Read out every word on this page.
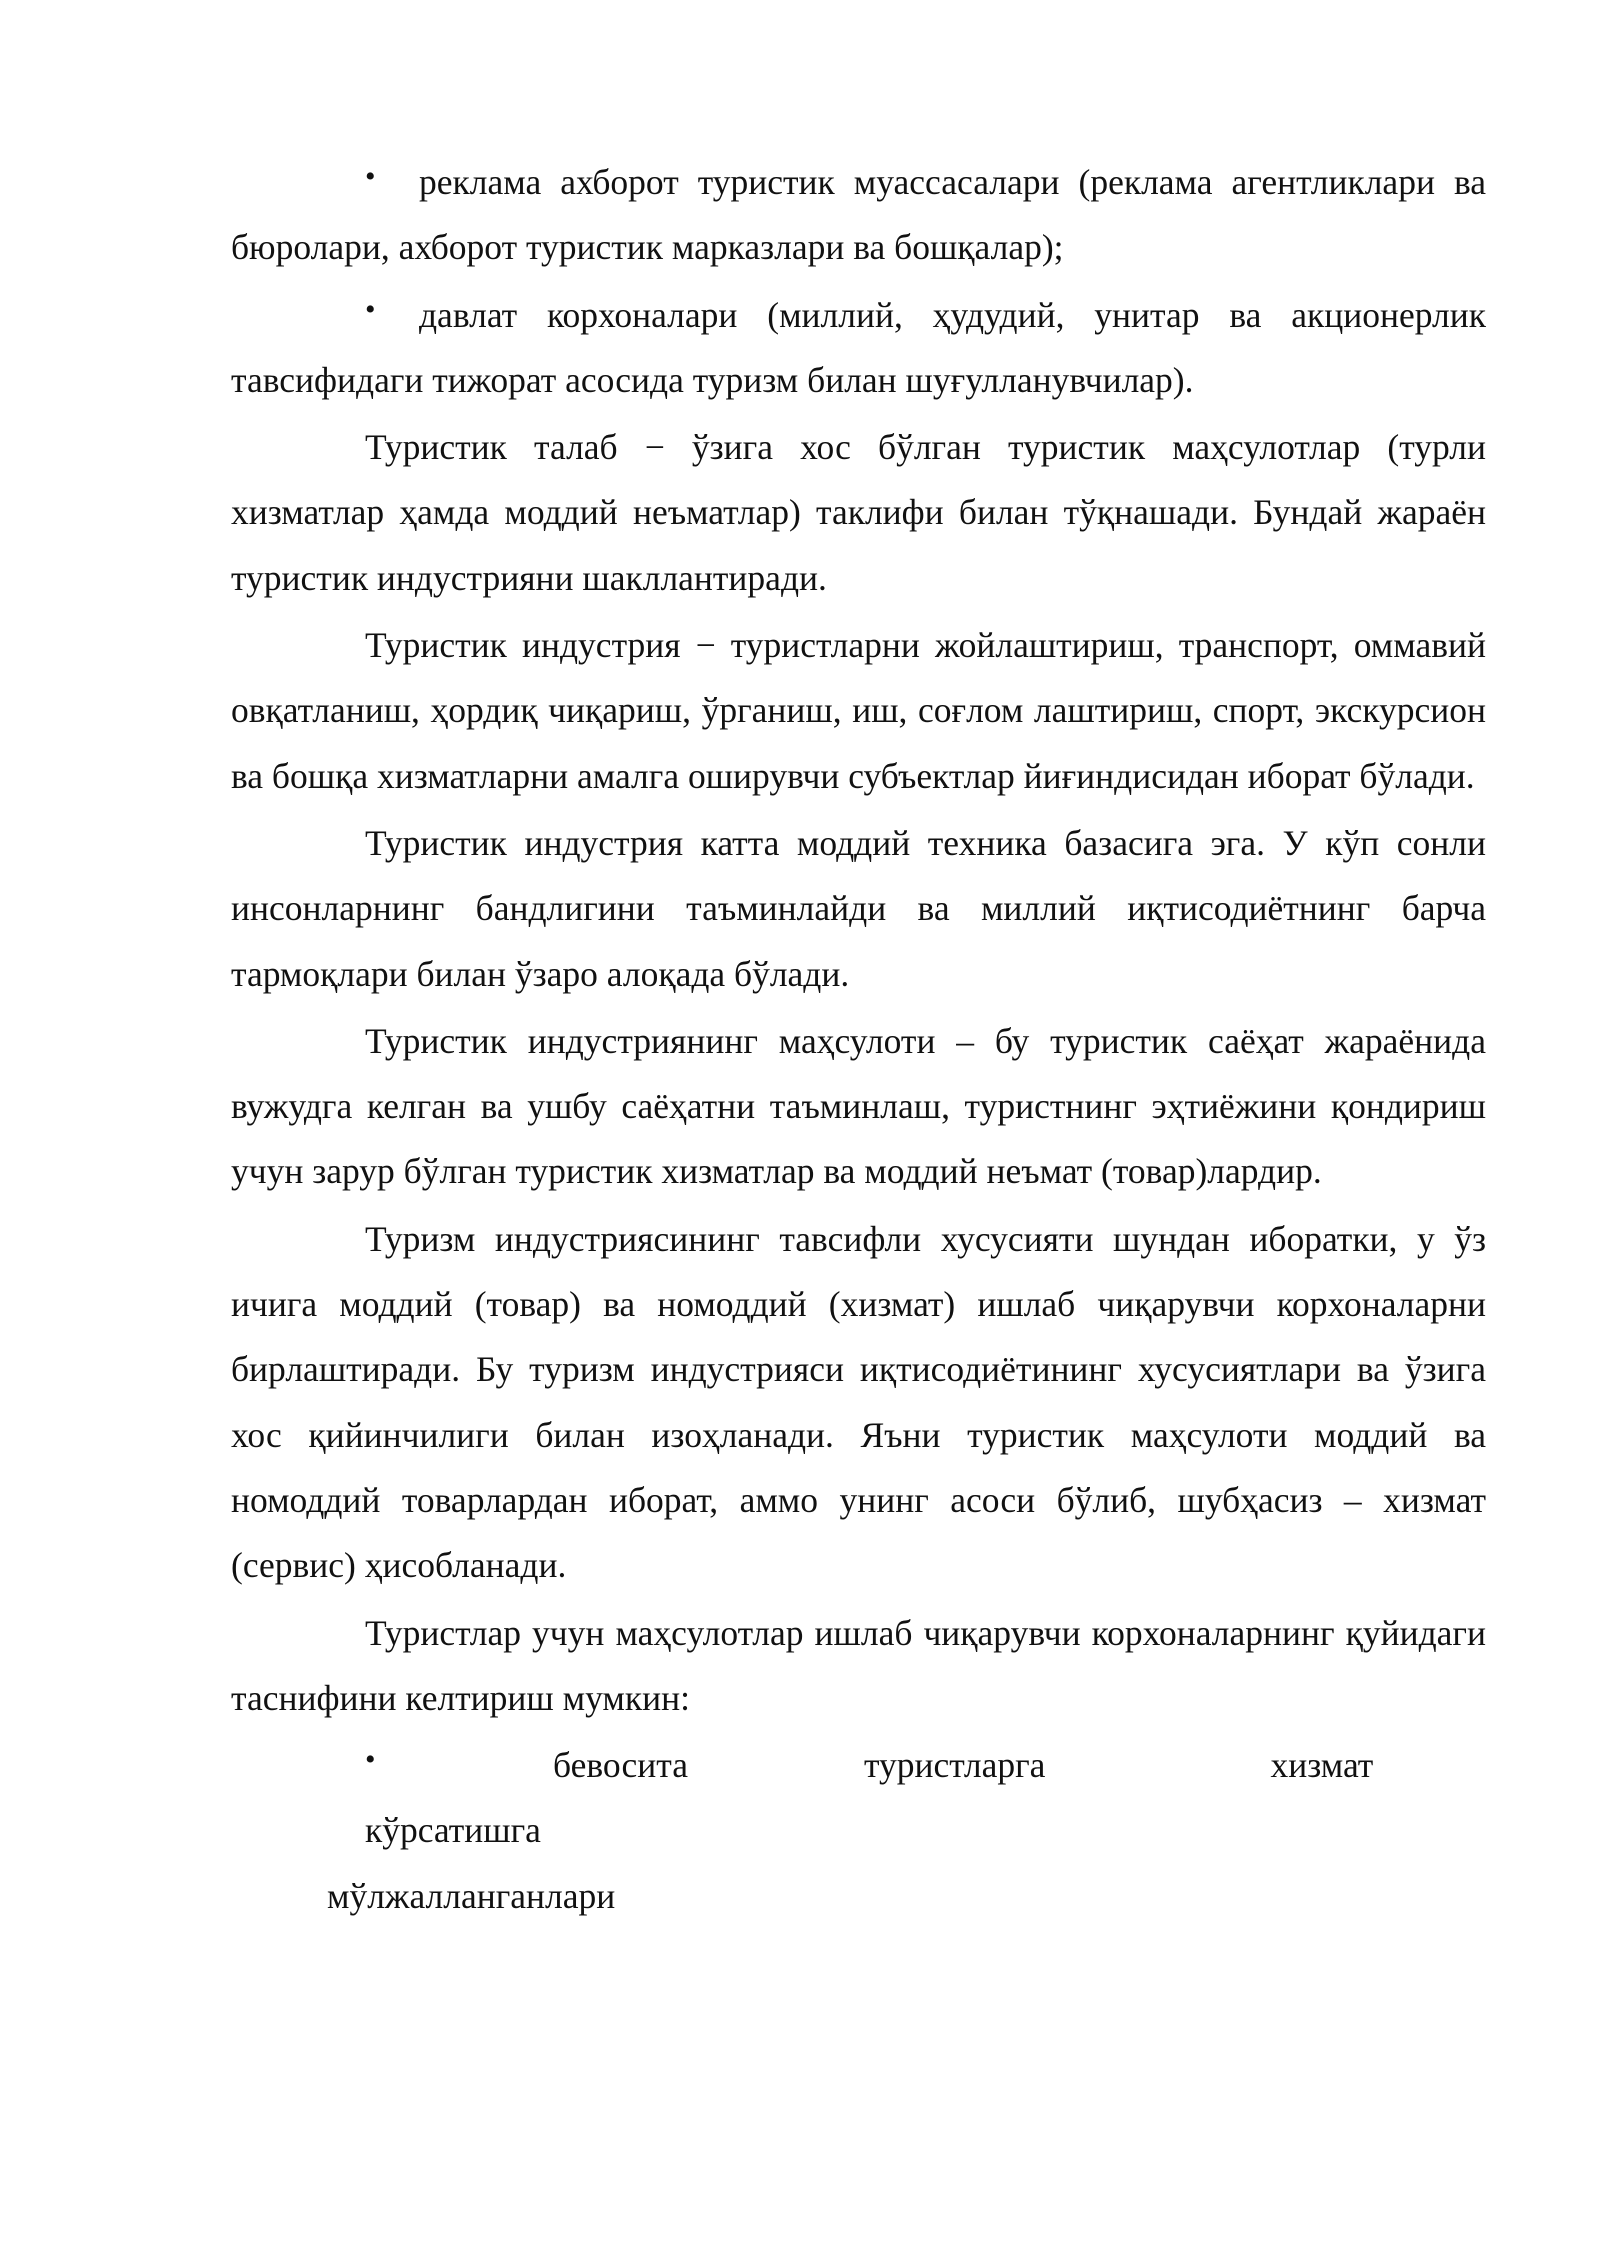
• реклама ахборот туристик муассасалари (реклама агентликлари ва бюролари, ахборот туристик марказлари ва бошқалар);

• давлат корхоналари (миллий, ҳудудий, унитар ва акционерлик тавсифидаги тижорат асосида туризм билан шуғулланувчилар).

Туристик талаб − ўзига хос бўлган туристик маҳсулотлар (турли хизматлар ҳамда моддий неъматлар) таклифи билан тўқнашади. Бундай жараён туристик индустрияни шакллантиради.

Туристик индустрия − туристларни жойлаштириш, транспорт, оммавий овқатланиш, ҳордиқ чиқариш, ўрганиш, иш, соғлом лаштириш, спорт, экскурсион ва бошқа хизматларни амалга оширувчи субъектлар йиғиндисидан иборат бўлади.

Туристик индустрия катта моддий техника базасига эга. У кўп сонли инсонларнинг бандлигини таъминлайди ва миллий иқтисодиётнинг барча тармоқлари билан ўзаро алоқада бўлади.

Туристик индустриянинг маҳсулоти – бу туристик саёҳат жараёнида вужудга келган ва ушбу саёҳатни таъминлаш, туристнинг эҳтиёжини қондириш учун зарур бўлган туристик хизматлар ва моддий неъмат (товар)лардир.

Туризм индустриясининг тавсифли хусусияти шундан иборатки, у ўз ичига моддий (товар) ва номоддий (хизмат) ишлаб чиқарувчи корхоналарни бирлаштиради. Бу туризм индустрияси иқтисодиётининг хусусиятлари ва ўзига хос қийинчилиги билан изоҳланади. Яъни туристик маҳсулоти моддий ва номоддий товарлардан иборат, аммо унинг асоси бўлиб, шубҳасиз – хизмат (сервис) ҳисобланади.

Туристлар учун маҳсулотлар ишлаб чиқарувчи корхоналарнинг қуйидаги таснифини келтириш мумкин:

•	бевосита	туристларга	хизматкўрсатишга
мўлжалланганлари
